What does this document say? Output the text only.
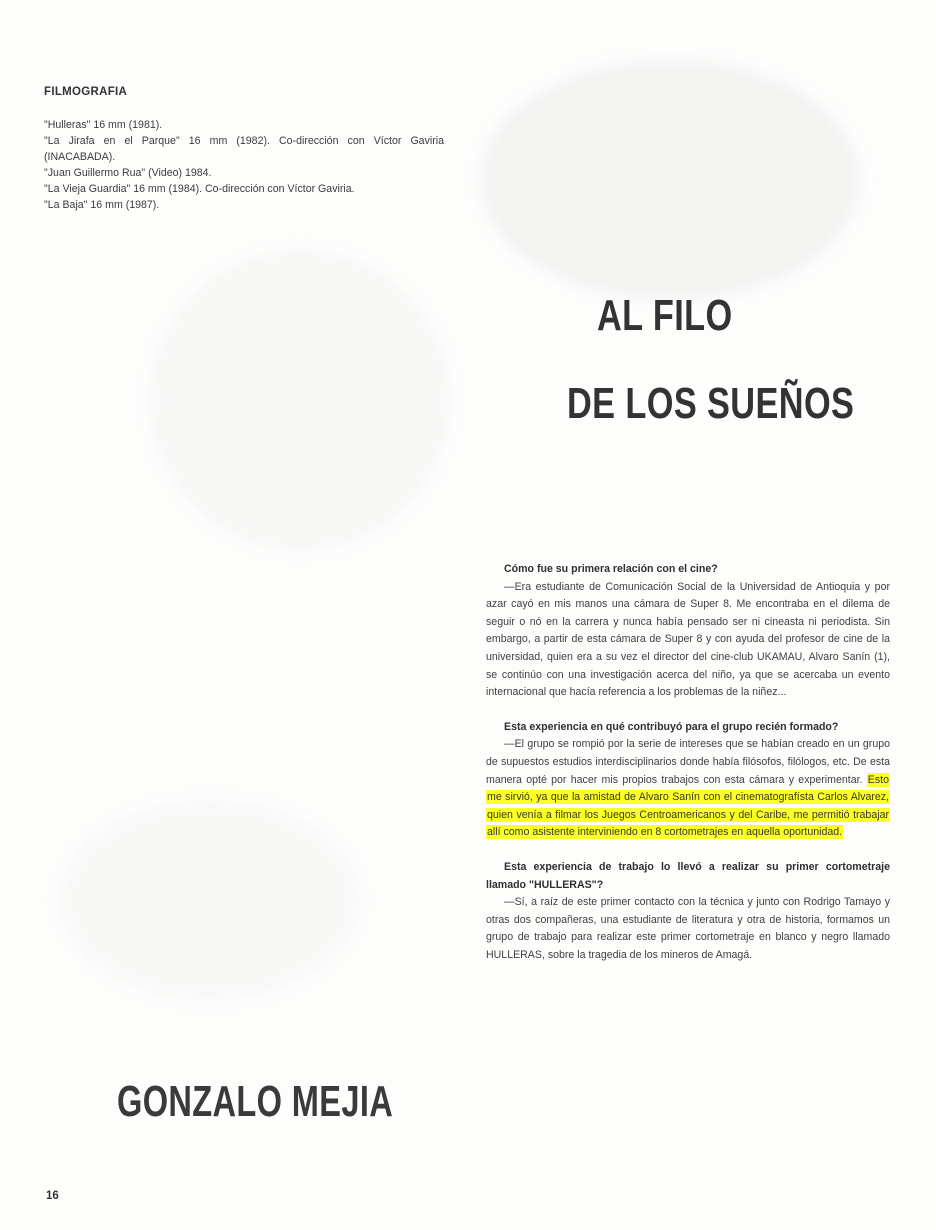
FILMOGRAFIA
"Hulleras" 16 mm (1981).
"La Jirafa en el Parque" 16 mm (1982). Co-dirección con Víctor Gaviria (INACABADA).
"Juan Guillermo Rua" (Video) 1984.
"La Vieja Guardia" 16 mm (1984). Co-dirección con Víctor Gaviria.
"La Baja" 16 mm (1987).
AL FILO
DE LOS SUEÑOS

Cómo fue su primera relación con el cine?

—Era estudiante de Comunicación Social de la Universidad de Antioquia y por azar cayó en mis manos una cámara de Super 8. Me encontraba en el dilema de seguir o nó en la carrera y nunca había pensado ser ni cineasta ni periodista. Sin embargo, a partir de esta cámara de Super 8 y con ayuda del profesor de cine de la universidad, quien era a su vez el director del cine-club UKAMAU, Alvaro Sanín (1), se continúo con una investigación acerca del niño, ya que se acercaba un evento internacional que hacía referencia a los problemas de la niñez...

Esta experiencia en qué contribuyó para el grupo recién formado?

—El grupo se rompió por la serie de intereses que se habían creado en un grupo de supuestos estudios interdisciplinarios donde había filósofos, filólogos, etc. De esta manera opté por hacer mis propios trabajos con esta cámara y experimentar. Esto me sirvió, ya que la amistad de Alvaro Sanín con el cinematografísta Carlos Alvarez, quien venía a filmar los Juegos Centroamericanos y del Caribe, me permitió trabajar allí como asistente interviniendo en 8 cortometrajes en aquella oportunidad.

Esta experiencia de trabajo lo llevó a realizar su primer cortometraje llamado "HULLERAS"?

—Sí, a raíz de este primer contacto con la técnica y junto con Rodrigo Tamayo y otras dos compañeras, una estudiante de literatura y otra de historia, formamos un grupo de trabajo para realizar este primer cortometraje en blanco y negro llamado HULLERAS, sobre la tragedia de los mineros de Amagá.

GONZALO MEJIA
16
